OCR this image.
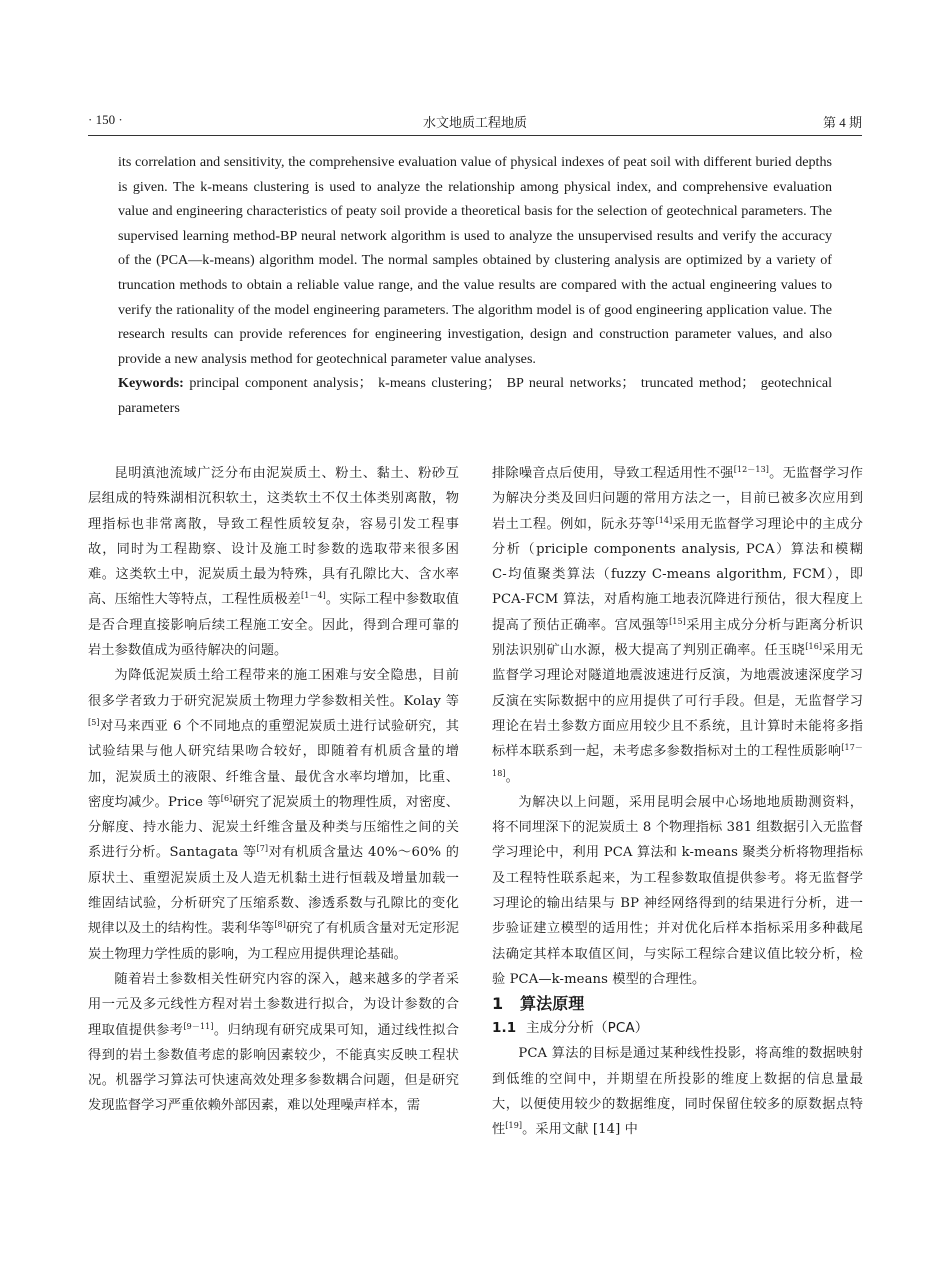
· 150 ·	水文地质工程地质	第 4 期

its correlation and sensitivity, the comprehensive evaluation value of physical indexes of peat soil with different buried depths is given. The k-means clustering is used to analyze the relationship among physical index, and comprehensive evaluation value and engineering characteristics of peaty soil provide a theoretical basis for the selection of geotechnical parameters. The supervised learning method-BP neural network algorithm is used to analyze the unsupervised results and verify the accuracy of the (PCA—k-means) algorithm model. The normal samples obtained by clustering analysis are optimized by a variety of truncation methods to obtain a reliable value range, and the value results are compared with the actual engineering values to verify the rationality of the model engineering parameters. The algorithm model is of good engineering application value. The research results can provide references for engineering investigation, design and construction parameter values, and also provide a new analysis method for geotechnical parameter value analyses.

Keywords: principal component analysis； k-means clustering； BP neural networks； truncated method； geotechnical parameters

昆明滇池流域广泛分布由泥炭质土、粉土、黏土、粉砂互层组成的特殊湖相沉积软土，这类软土不仅土体类别离散，物理指标也非常离散，导致工程性质较复杂，容易引发工程事故，同时为工程勘察、设计及施工时参数的选取带来很多困难。这类软土中，泥炭质土最为特殊，具有孔隙比大、含水率高、压缩性大等特点，工程性质极差[1－4]。实际工程中参数取值是否合理直接影响后续工程施工安全。因此，得到合理可靠的岩土参数值成为亟待解决的问题。

为降低泥炭质土给工程带来的施工困难与安全隐患，目前很多学者致力于研究泥炭质土物理力学参数相关性。Kolay 等[5]对马来西亚 6 个不同地点的重塑泥炭质土进行试验研究，其试验结果与他人研究结果吻合较好，即随着有机质含量的增加，泥炭质土的液限、纤维含量、最优含水率均增加，比重、密度均减少。Price 等[6]研究了泥炭质土的物理性质，对密度、分解度、持水能力、泥炭土纤维含量及种类与压缩性之间的关系进行分析。Santagata 等[7]对有机质含量达 40%～60% 的原状土、重塑泥炭质土及人造无机黏土进行恒载及增量加载一维固结试验，分析研究了压缩系数、渗透系数与孔隙比的变化规律以及土的结构性。裴利华等[8]研究了有机质含量对无定形泥炭土物理力学性质的影响，为工程应用提供理论基础。

随着岩土参数相关性研究内容的深入，越来越多的学者采用一元及多元线性方程对岩土参数进行拟合，为设计参数的合理取值提供参考[9－11]。归纳现有研究成果可知，通过线性拟合得到的岩土参数值考虑的影响因素较少，不能真实反映工程状况。机器学习算法可快速高效处理多参数耦合问题，但是研究发现监督学习严重依赖外部因素，难以处理噪声样本，需

排除噪音点后使用，导致工程适用性不强[12－13]。无监督学习作为解决分类及回归问题的常用方法之一，目前已被多次应用到岩土工程。例如，阮永芬等[14]采用无监督学习理论中的主成分分析（priciple components analysis, PCA）算法和模糊 C-均值聚类算法（fuzzy C-means algorithm, FCM），即 PCA-FCM 算法，对盾构施工地表沉降进行预估，很大程度上提高了预估正确率。宫凤强等[15]采用主成分分析与距离分析识别法识别矿山水源，极大提高了判别正确率。任玉晓[16]采用无监督学习理论对隧道地震波速进行反演，为地震波速深度学习反演在实际数据中的应用提供了可行手段。但是，无监督学习理论在岩土参数方面应用较少且不系统，且计算时未能将多指标样本联系到一起，未考虑多参数指标对土的工程性质影响[17－18]。

为解决以上问题，采用昆明会展中心场地地质勘测资料，将不同埋深下的泥炭质土 8 个物理指标 381 组数据引入无监督学习理论中，利用 PCA 算法和 k-means 聚类分析将物理指标及工程特性联系起来，为工程参数取值提供参考。将无监督学习理论的输出结果与 BP 神经网络得到的结果进行分析，进一步验证建立模型的适用性；并对优化后样本指标采用多种截尾法确定其样本取值区间，与实际工程综合建议值比较分析，检验 PCA—k-means 模型的合理性。

1 算法原理

1.1 主成分分析（PCA）

PCA 算法的目标是通过某种线性投影，将高维的数据映射到低维的空间中，并期望在所投影的维度上数据的信息量最大，以便使用较少的数据维度，同时保留住较多的原数据点特性[19]。采用文献 [14] 中
